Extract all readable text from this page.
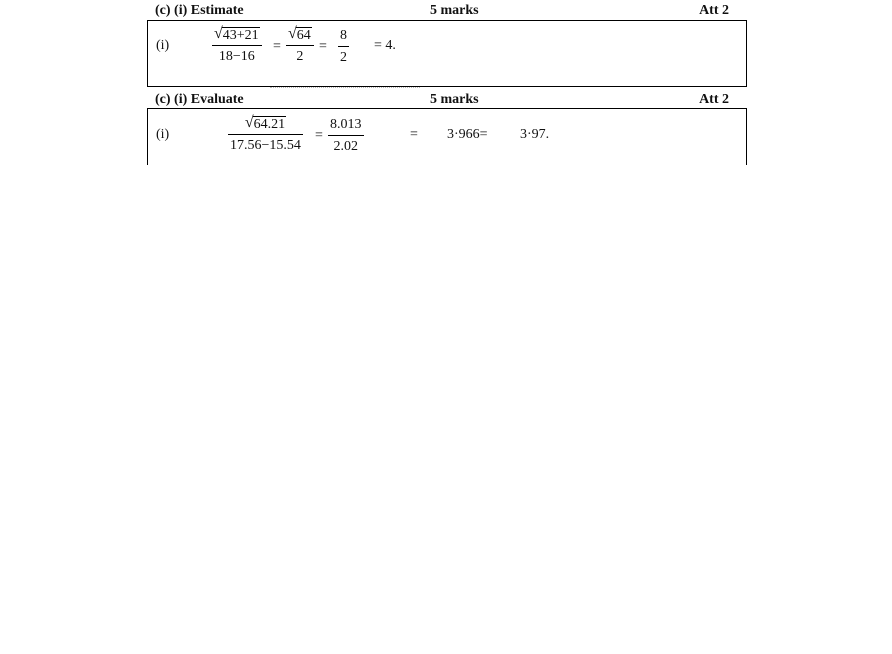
(c) (i) Estimate	5 marks	Att 2
(i)
√ 43+21
18−16
=
√ 64
2
=
8
2
= 4.
(c) (i) Evaluate	5 marks	Att 2
(i)
√ 64.21
17.56−15.54
=
8.013
2.02
= 3·966= 3·97.
